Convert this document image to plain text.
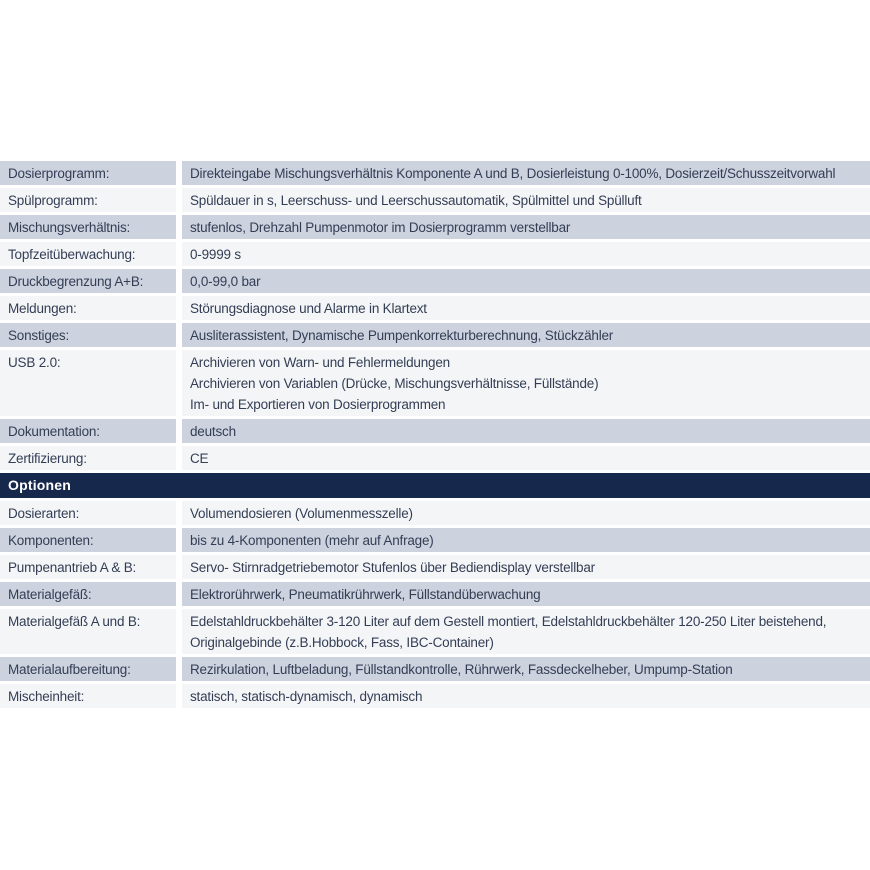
Dosierprogramm:	Direkteingabe Mischungsverhältnis Komponente A und B, Dosierleistung 0-100%, Dosierzeit/Schusszeitvorwahl
Spülprogramm:	Spüldauer in s, Leerschuss- und Leerschussautomatik, Spülmittel und Spülluft
Mischungsverhältnis:	stufenlos, Drehzahl Pumpenmotor im Dosierprogramm verstellbar
Topfzeitüberwachung:	0-9999 s
Druckbegrenzung A+B:	0,0-99,0 bar
Meldungen:	Störungsdiagnose und Alarme in Klartext
Sonstiges:	Ausliterassistent, Dynamische Pumpenkorrekturberechnung, Stückzähler
USB 2.0:	Archivieren von Warn- und Fehlermeldungen
Archivieren von Variablen (Drücke, Mischungsverhältnisse, Füllstände)
Im- und Exportieren von Dosierprogrammen
Dokumentation:	deutsch
Zertifizierung:	CE
Optionen
Dosierarten:	Volumendosieren (Volumenmesszelle)
Komponenten:	bis zu 4-Komponenten (mehr auf Anfrage)
Pumpenantrieb A & B:	Servo- Stirnradgetriebemotor Stufenlos über Bediendisplay verstellbar
Materialgefäß:	Elektrorührwerk, Pneumatikrührwerk, Füllstandüberwachung
Materialgefäß A und B:	Edelstahldruckbehälter 3-120 Liter auf dem Gestell montiert, Edelstahldruckbehälter 120-250 Liter beistehend,
Originalgebinde (z.B.Hobbock, Fass, IBC-Container)
Materialaufbereitung:	Rezirkulation, Luftbeladung, Füllstandkontrolle, Rührwerk, Fassdeckelheber, Umpump-Station
Mischeinheit:	statisch, statisch-dynamisch, dynamisch
